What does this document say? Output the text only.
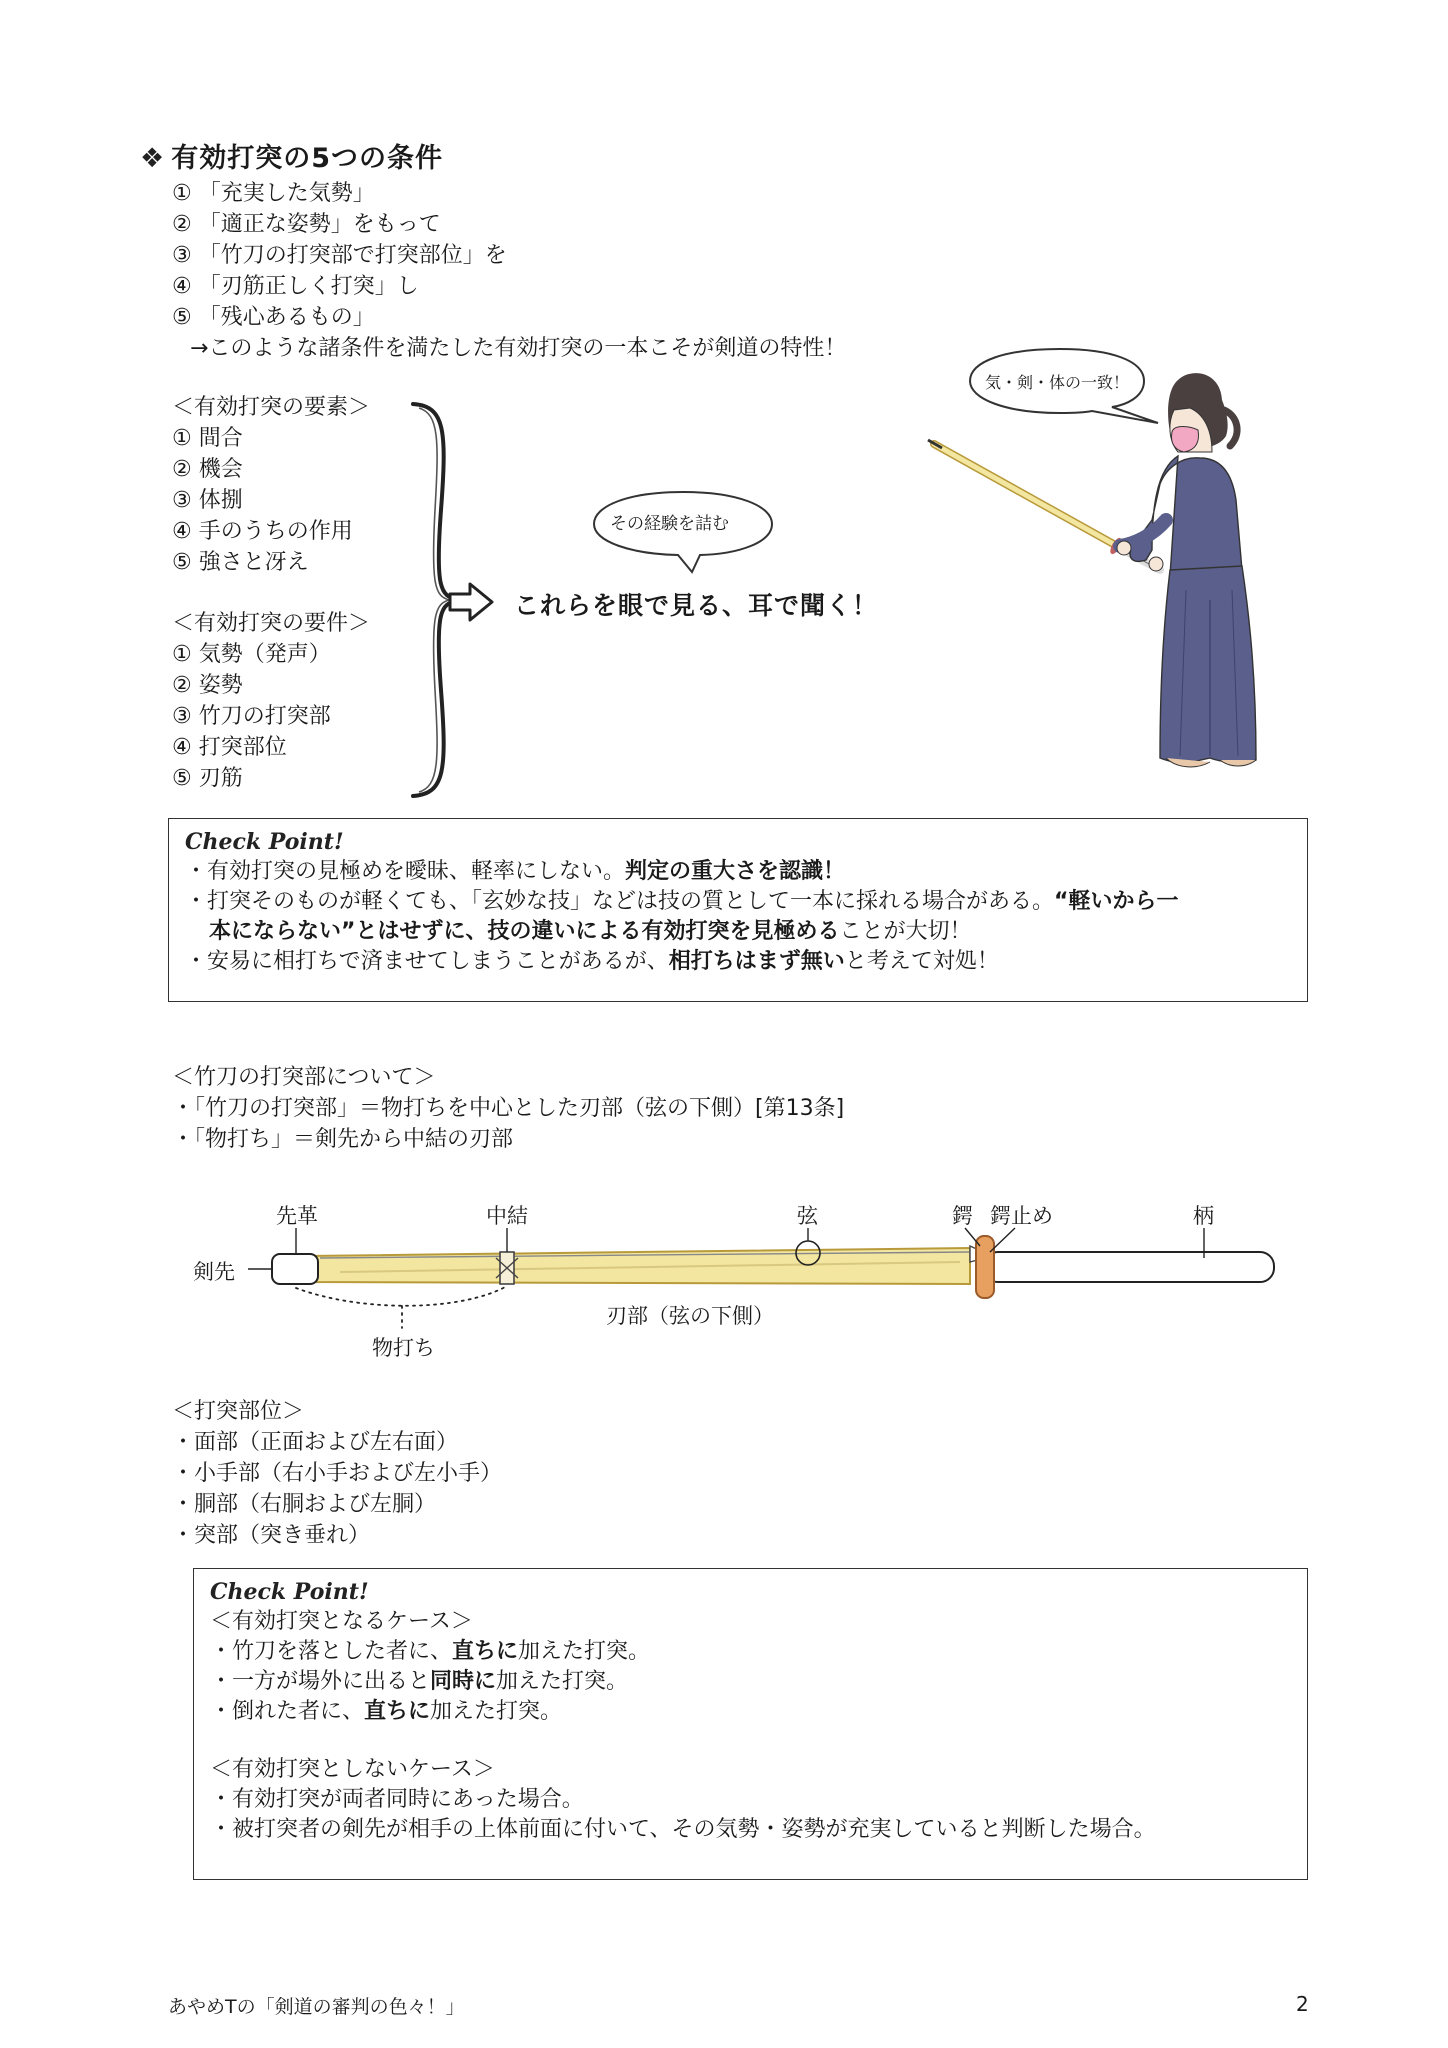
❖ 有効打突の5つの条件
① 「充実した気勢」
② 「適正な姿勢」をもって
③ 「竹刀の打突部で打突部位」を
④ 「刃筋正しく打突」し
⑤ 「残心あるもの」
→このような諸条件を満たした有効打突の一本こそが剣道の特性！
＜有効打突の要素＞
① 間合
② 機会
③ 体捌
④ 手のうちの作用
⑤ 強さと冴え
＜有効打突の要件＞
① 気勢（発声）
② 姿勢
③ 竹刀の打突部
④ 打突部位
⑤ 刃筋
その経験を詰む
これらを眼で見る、耳で聞く！
気・剣・体の一致！
Check Point!
・有効打突の見極めを曖昧、軽率にしない。判定の重大さを認識！
・打突そのものが軽くても、「玄妙な技」などは技の質として一本に採れる場合がある。“軽いから一
本にならない”とはせずに、技の違いによる有効打突を見極めることが大切！
・安易に相打ちで済ませてしまうことがあるが、相打ちはまず無いと考えて対処！
＜竹刀の打突部について＞
・「竹刀の打突部」＝物打ちを中心とした刃部（弦の下側）[第13条]
・「物打ち」＝剣先から中結の刃部
先革	中結	弦	鍔 鍔止め	柄
剣先
刃部（弦の下側）
物打ち
＜打突部位＞
・面部（正面および左右面）
・小手部（右小手および左小手）
・胴部（右胴および左胴）
・突部（突き垂れ）
Check Point!
＜有効打突となるケース＞
・竹刀を落とした者に、直ちに加えた打突。
・一方が場外に出ると同時に加えた打突。
・倒れた者に、直ちに加えた打突。
＜有効打突としないケース＞
・有効打突が両者同時にあった場合。
・被打突者の剣先が相手の上体前面に付いて、その気勢・姿勢が充実していると判断した場合。
あやめTの「剣道の審判の色々！」	2
